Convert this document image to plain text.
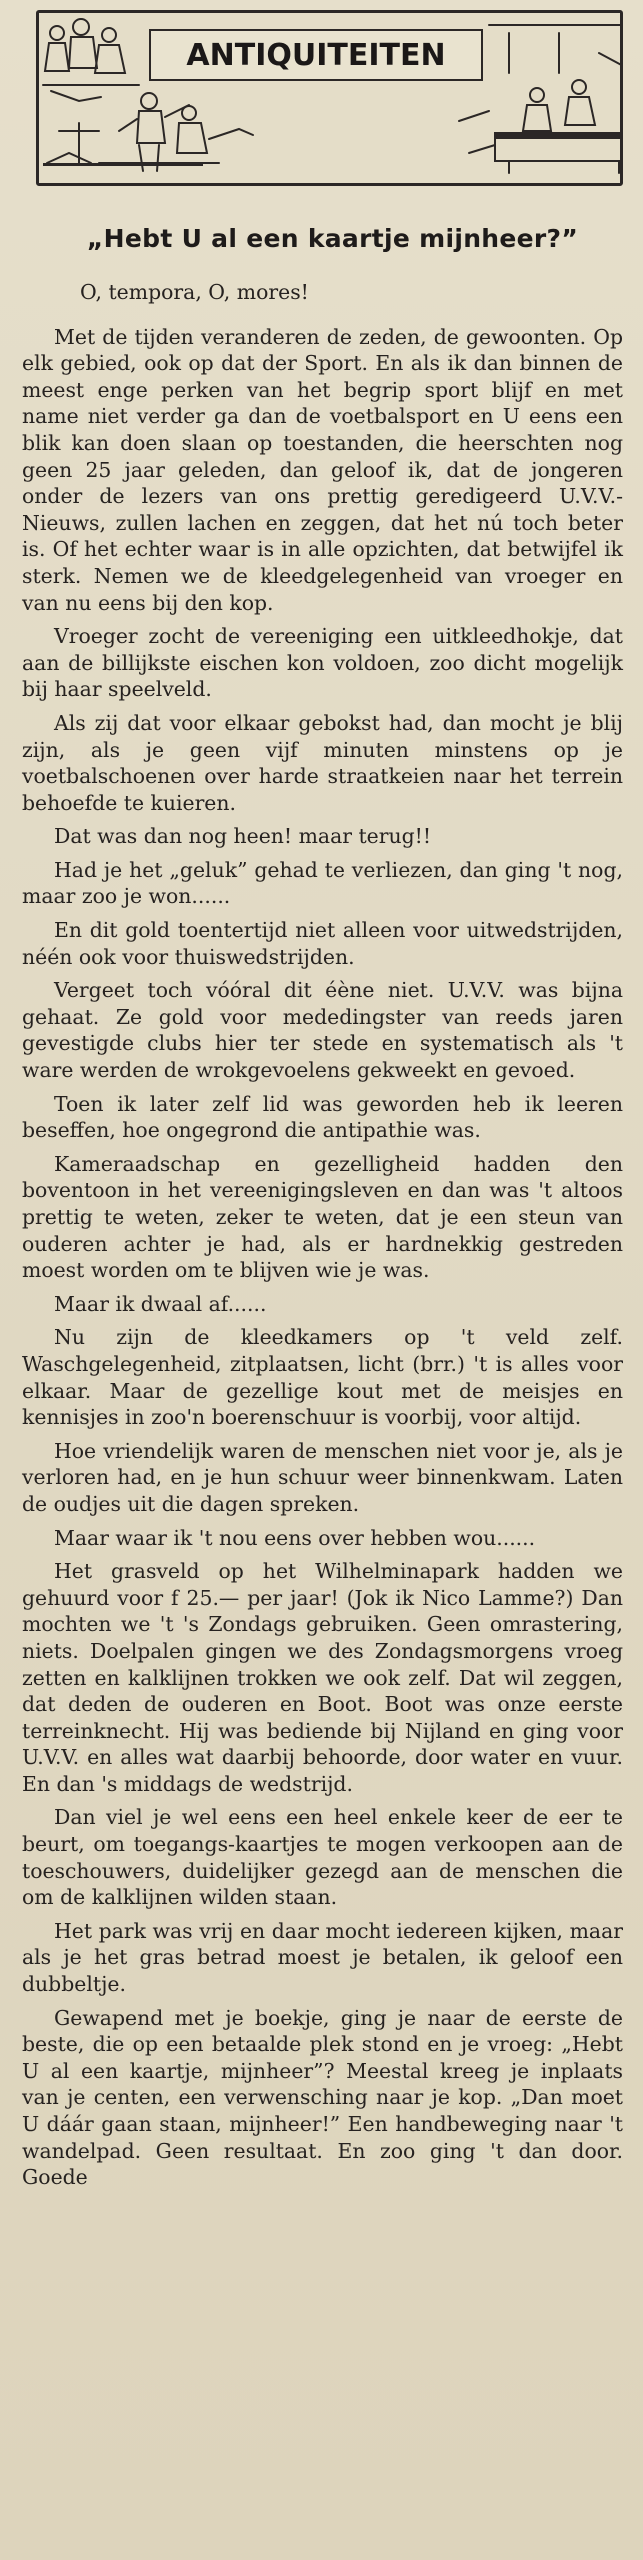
ANTIQUITEITEN
„Hebt U al een kaartje mijnheer?”

O, tempora, O, mores!

Met de tijden veranderen de zeden, de gewoonten. Op elk gebied, ook op dat der Sport. En als ik dan binnen de meest enge perken van het begrip sport blijf en met name niet verder ga dan de voetbalsport en U eens een blik kan doen slaan op toestanden, die heerschten nog geen 25 jaar geleden, dan geloof ik, dat de jongeren onder de lezers van ons prettig geredigeerd U.V.V.-Nieuws, zullen lachen en zeggen, dat het nú toch beter is. Of het echter waar is in alle opzichten, dat betwijfel ik sterk. Nemen we de kleedgelegenheid van vroeger en van nu eens bij den kop.

Vroeger zocht de vereeniging een uitkleedhokje, dat aan de billijkste eischen kon voldoen, zoo dicht mogelijk bij haar speelveld.

Als zij dat voor elkaar gebokst had, dan mocht je blij zijn, als je geen vijf minuten minstens op je voetbalschoenen over harde straatkeien naar het terrein behoefde te kuieren.

Dat was dan nog heen! maar terug!!

Had je het „geluk” gehad te verliezen, dan ging 't nog, maar zoo je won......

En dit gold toentertijd niet alleen voor uitwedstrijden, néén ook voor thuiswedstrijden.

Vergeet toch vóóral dit éène niet. U.V.V. was bijna gehaat. Ze gold voor mededingster van reeds jaren gevestigde clubs hier ter stede en systematisch als 't ware werden de wrokgevoelens gekweekt en gevoed.

Toen ik later zelf lid was geworden heb ik leeren beseffen, hoe ongegrond die antipathie was.

Kameraadschap en gezelligheid hadden den boventoon in het vereenigingsleven en dan was 't altoos prettig te weten, zeker te weten, dat je een steun van ouderen achter je had, als er hardnekkig gestreden moest worden om te blijven wie je was.

Maar ik dwaal af......

Nu zijn de kleedkamers op 't veld zelf. Waschgelegenheid, zitplaatsen, licht (brr.) 't is alles voor elkaar. Maar de gezellige kout met de meisjes en kennisjes in zoo'n boerenschuur is voorbij, voor altijd.

Hoe vriendelijk waren de menschen niet voor je, als je verloren had, en je hun schuur weer binnenkwam. Laten de oudjes uit die dagen spreken.

Maar waar ik 't nou eens over hebben wou......

Het grasveld op het Wilhelminapark hadden we gehuurd voor f 25.— per jaar! (Jok ik Nico Lamme?) Dan mochten we 't 's Zondags gebruiken. Geen omrastering, niets. Doelpalen gingen we des Zondagsmorgens vroeg zetten en kalklijnen trokken we ook zelf. Dat wil zeggen, dat deden de ouderen en Boot. Boot was onze eerste terreinknecht. Hij was bediende bij Nijland en ging voor U.V.V. en alles wat daarbij behoorde, door water en vuur. En dan 's middags de wedstrijd.

Dan viel je wel eens een heel enkele keer de eer te beurt, om toegangs-kaartjes te mogen verkoopen aan de toeschouwers, duidelijker gezegd aan de menschen die om de kalklijnen wilden staan.

Het park was vrij en daar mocht iedereen kijken, maar als je het gras betrad moest je betalen, ik geloof een dubbeltje.

Gewapend met je boekje, ging je naar de eerste de beste, die op een betaalde plek stond en je vroeg: „Hebt U al een kaartje, mijnheer”? Meestal kreeg je inplaats van je centen, een verwensching naar je kop. „Dan moet U dáár gaan staan, mijnheer!” Een handbeweging naar 't wandelpad. Geen resultaat. En zoo ging 't dan door. Goede
